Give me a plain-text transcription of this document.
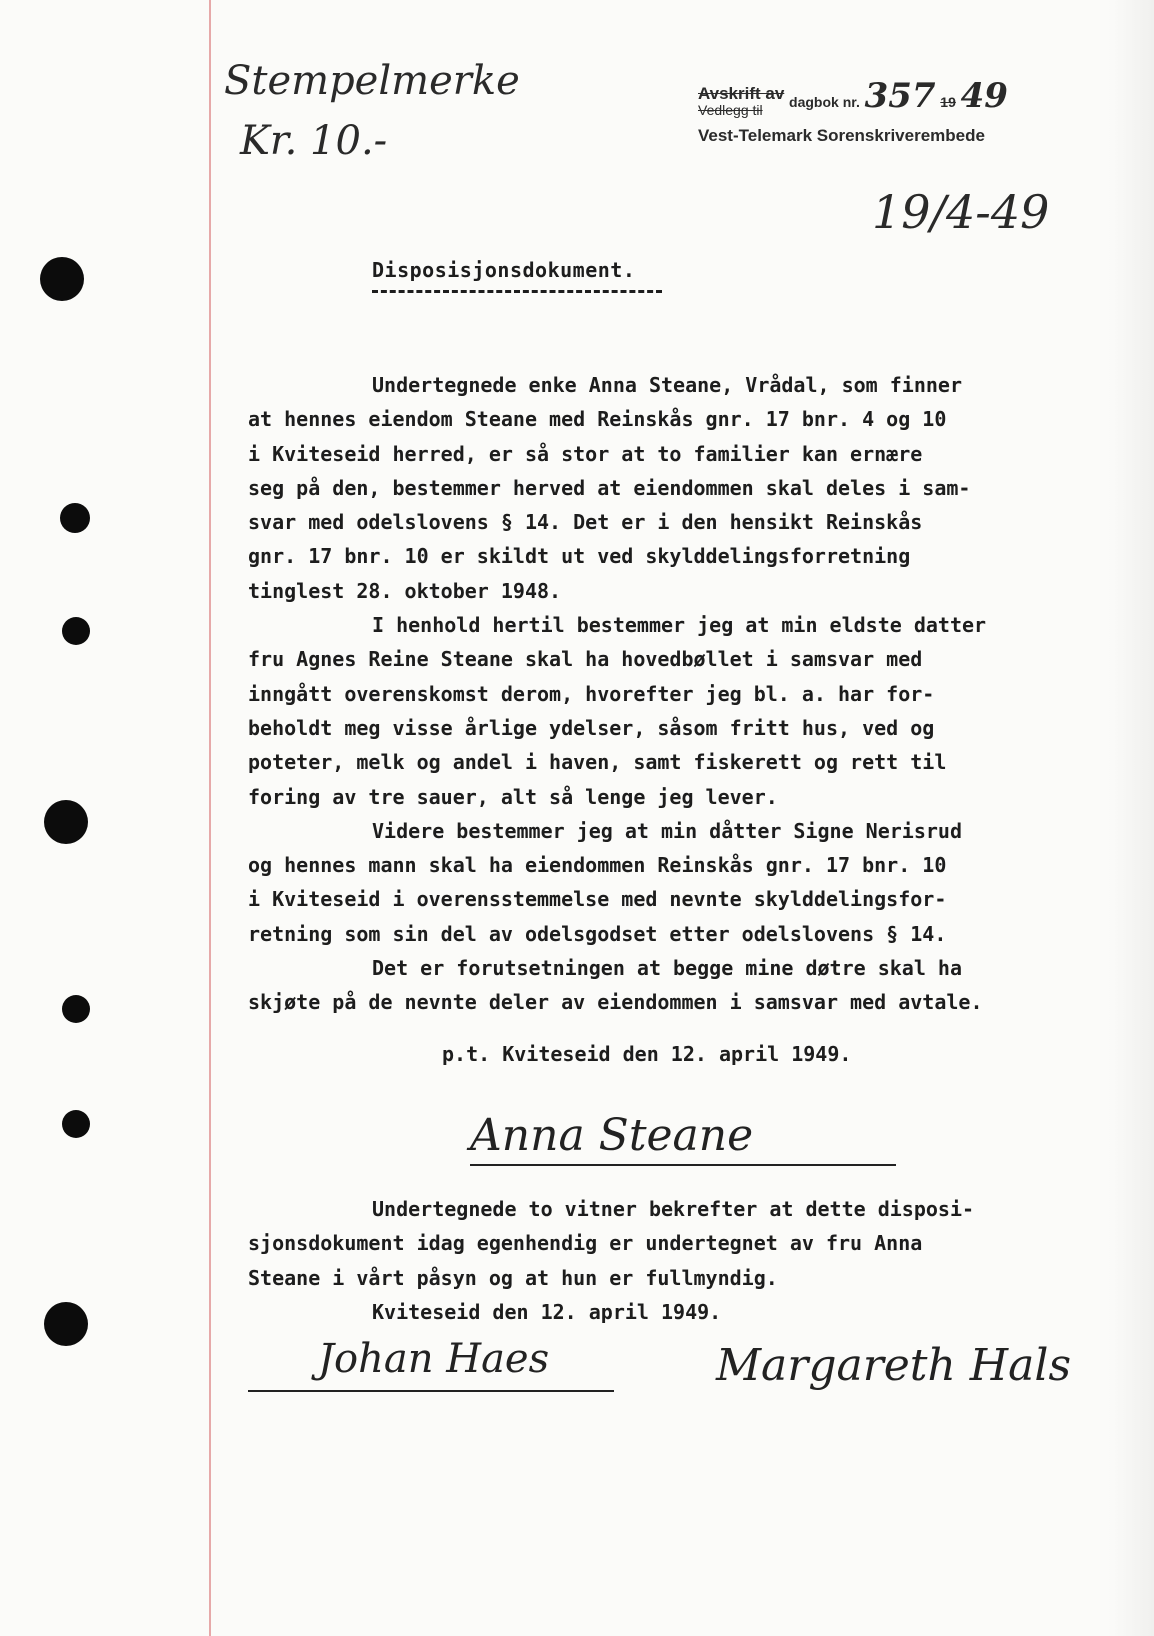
Stempelmerke
Kr. 10.-
Avskrift av
Vedlegg til	dagbok nr. 357 19 49
Vest-Telemark Sorenskriverembede
19/4-49
Disposisjonsdokument.
Undertegnede enke Anna Steane, Vrådal, som finner
at hennes eiendom Steane med Reinskås gnr. 17 bnr. 4 og 10
i Kviteseid herred, er så stor at to familier kan ernære
seg på den, bestemmer herved at eiendommen skal deles i sam-
svar med odelslovens § 14. Det er i den hensikt Reinskås
gnr. 17 bnr. 10 er skildt ut ved skylddelingsforretning
tinglest 28. oktober 1948.
I henhold hertil bestemmer jeg at min eldste datter
fru Agnes Reine Steane skal ha hovedbøllet i samsvar med
inngått overenskomst derom, hvorefter jeg bl. a. har for-
beholdt meg visse årlige ydelser, såsom fritt hus, ved og
poteter, melk og andel i haven, samt fiskerett og rett til
foring av tre sauer, alt så lenge jeg lever.
Videre bestemmer jeg at min dåtter Signe Nerisrud
og hennes mann skal ha eiendommen Reinskås gnr. 17 bnr. 10
i Kviteseid i overensstemmelse med nevnte skylddelingsfor-
retning som sin del av odelsgodset etter odelslovens § 14.
Det er forutsetningen at begge mine døtre skal ha
skjøte på de nevnte deler av eiendommen i samsvar med avtale.
p.t. Kviteseid den 12. april 1949.
Anna Steane
Undertegnede to vitner bekrefter at dette disposi-
sjonsdokument idag egenhendig er undertegnet av fru Anna
Steane i vårt påsyn og at hun er fullmyndig.
Kviteseid den 12. april 1949.
Johan Haes	Margareth Hals
